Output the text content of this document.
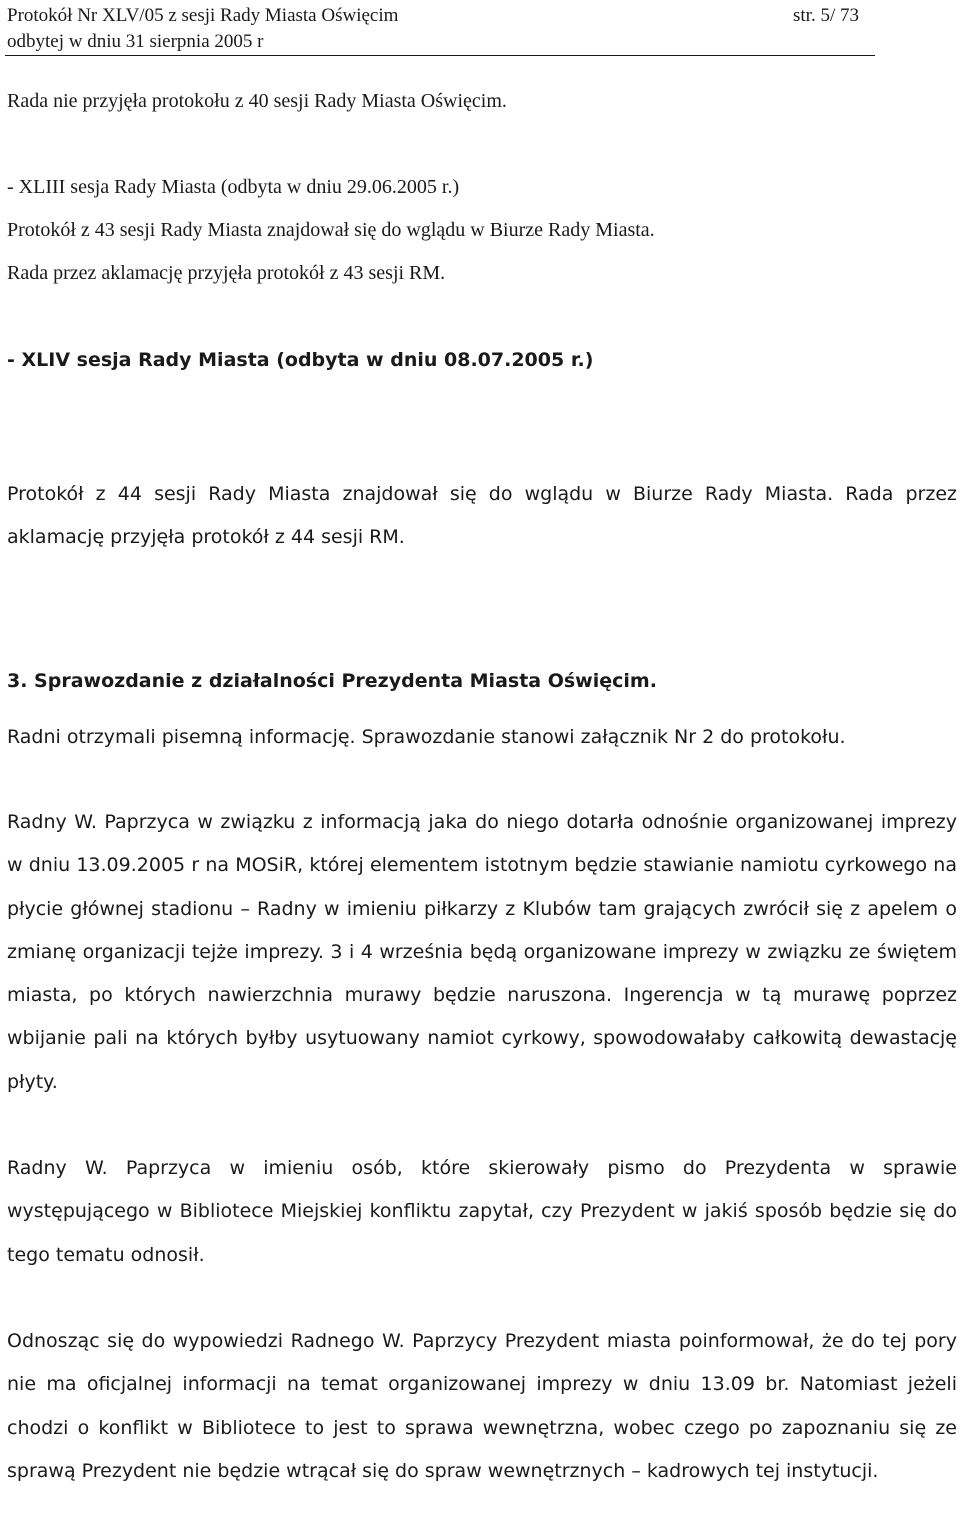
Protokół Nr XLV/05 z sesji Rady Miasta Oświęcim
odbytej w dniu 31 sierpnia 2005 r
str. 5/ 73
Rada nie przyjęła protokołu z 40 sesji Rady Miasta Oświęcim.
- XLIII sesja Rady Miasta (odbyta w dniu 29.06.2005 r.)
Protokół z 43 sesji Rady Miasta znajdował się do wglądu w Biurze Rady Miasta.
Rada przez aklamację przyjęła protokół z 43 sesji RM.
- XLIV sesja Rady Miasta (odbyta w dniu 08.07.2005 r.)
Protokół z 44 sesji Rady Miasta znajdował się do wglądu w Biurze Rady Miasta. Rada przez aklamację przyjęła protokół z 44 sesji RM.
3. Sprawozdanie z działalności Prezydenta Miasta Oświęcim.
Radni otrzymali pisemną informację. Sprawozdanie stanowi załącznik Nr 2 do protokołu.
Radny W. Paprzyca w związku z informacją jaka do niego dotarła odnośnie organizowanej imprezy w dniu 13.09.2005 r na MOSiR, której elementem istotnym będzie stawianie namiotu cyrkowego na płycie głównej stadionu – Radny w imieniu piłkarzy z Klubów tam grających zwrócił się z apelem o zmianę organizacji tejże imprezy. 3 i 4 września będą organizowane imprezy w związku ze świętem miasta, po których nawierzchnia murawy będzie naruszona. Ingerencja w tą murawę poprzez wbijanie pali na których byłby usytuowany namiot cyrkowy, spowodowałaby całkowitą dewastację płyty.
Radny W. Paprzyca w imieniu osób, które skierowały pismo do Prezydenta w sprawie występującego w Bibliotece Miejskiej konfliktu zapytał, czy Prezydent w jakiś sposób będzie się do tego tematu odnosił.
Odnosząc się do wypowiedzi Radnego W. Paprzycy Prezydent miasta poinformował, że do tej pory nie ma oficjalnej informacji na temat organizowanej imprezy w dniu 13.09 br. Natomiast jeżeli chodzi o konflikt w Bibliotece to jest to sprawa wewnętrzna, wobec czego po zapoznaniu się ze sprawą Prezydent nie będzie wtrącał się do spraw wewnętrznych – kadrowych tej instytucji.
